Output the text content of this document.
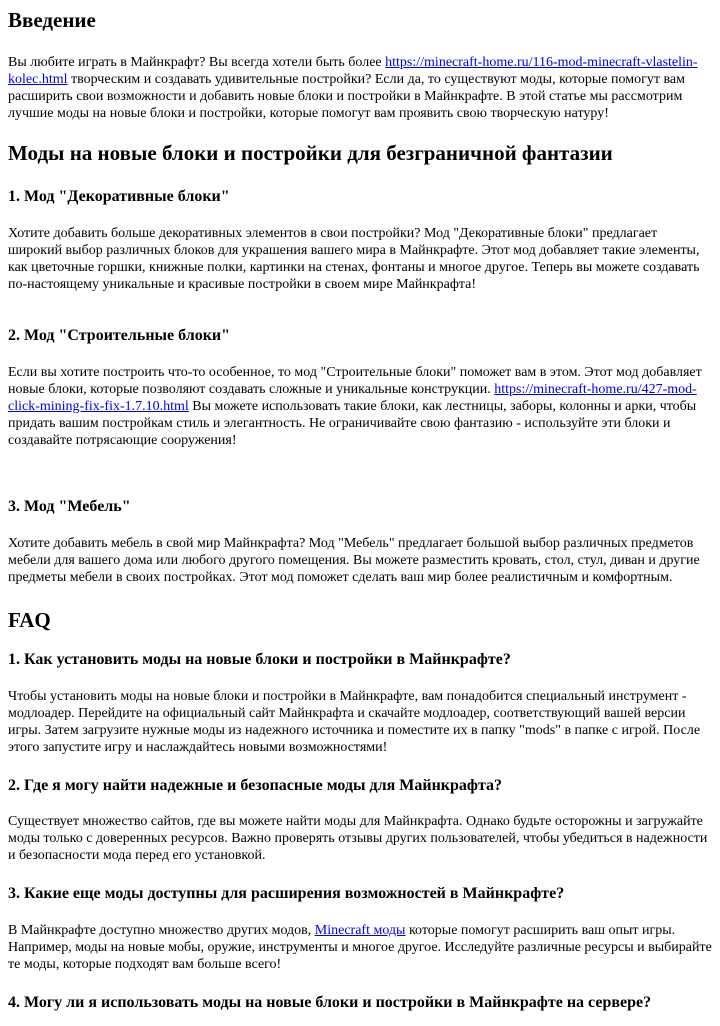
Введение

Вы любите играть в Майнкрафт? Вы всегда хотели быть более https://minecraft-home.ru/116-mod-minecraft-vlastelin-kolec.html творческим и создавать удивительные постройки? Если да, то существуют моды, которые помогут вам расширить свои возможности и добавить новые блоки и постройки в Майнкрафте. В этой статье мы рассмотрим лучшие моды на новые блоки и постройки, которые помогут вам проявить свою творческую натуру!

Моды на новые блоки и постройки для безграничной фантазии
1. Мод "Декоративные блоки"

Хотите добавить больше декоративных элементов в свои постройки? Мод "Декоративные блоки" предлагает широкий выбор различных блоков для украшения вашего мира в Майнкрафте. Этот мод добавляет такие элементы, как цветочные горшки, книжные полки, картинки на стенах, фонтаны и многое другое. Теперь вы можете создавать по-настоящему уникальные и красивые постройки в своем мире Майнкрафта!

2. Мод "Строительные блоки"

Если вы хотите построить что-то особенное, то мод "Строительные блоки" поможет вам в этом. Этот мод добавляет новые блоки, которые позволяют создавать сложные и уникальные конструкции. https://minecraft-home.ru/427-mod-click-mining-fix-fix-1.7.10.html Вы можете использовать такие блоки, как лестницы, заборы, колонны и арки, чтобы придать вашим постройкам стиль и элегантность. Не ограничивайте свою фантазию - используйте эти блоки и создавайте потрясающие сооружения!

3. Мод "Мебель"

Хотите добавить мебель в свой мир Майнкрафта? Мод "Мебель" предлагает большой выбор различных предметов мебели для вашего дома или любого другого помещения. Вы можете разместить кровать, стол, стул, диван и другие предметы мебели в своих постройках. Этот мод поможет сделать ваш мир более реалистичным и комфортным.

FAQ
1. Как установить моды на новые блоки и постройки в Майнкрафте?

Чтобы установить моды на новые блоки и постройки в Майнкрафте, вам понадобится специальный инструмент - модлоадер. Перейдите на официальный сайт Майнкрафта и скачайте модлоадер, соответствующий вашей версии игры. Затем загрузите нужные моды из надежного источника и поместите их в папку "mods" в папке с игрой. После этого запустите игру и наслаждайтесь новыми возможностями!

2. Где я могу найти надежные и безопасные моды для Майнкрафта?

Существует множество сайтов, где вы можете найти моды для Майнкрафта. Однако будьте осторожны и загружайте моды только с доверенных ресурсов. Важно проверять отзывы других пользователей, чтобы убедиться в надежности и безопасности мода перед его установкой.

3. Какие еще моды доступны для расширения возможностей в Майнкрафте?

В Майнкрафте доступно множество других модов, Minecraft моды которые помогут расширить ваш опыт игры. Например, моды на новые мобы, оружие, инструменты и многое другое. Исследуйте различные ресурсы и выбирайте те моды, которые подходят вам больше всего!

4. Могу ли я использовать моды на новые блоки и постройки в Майнкрафте на сервере?
